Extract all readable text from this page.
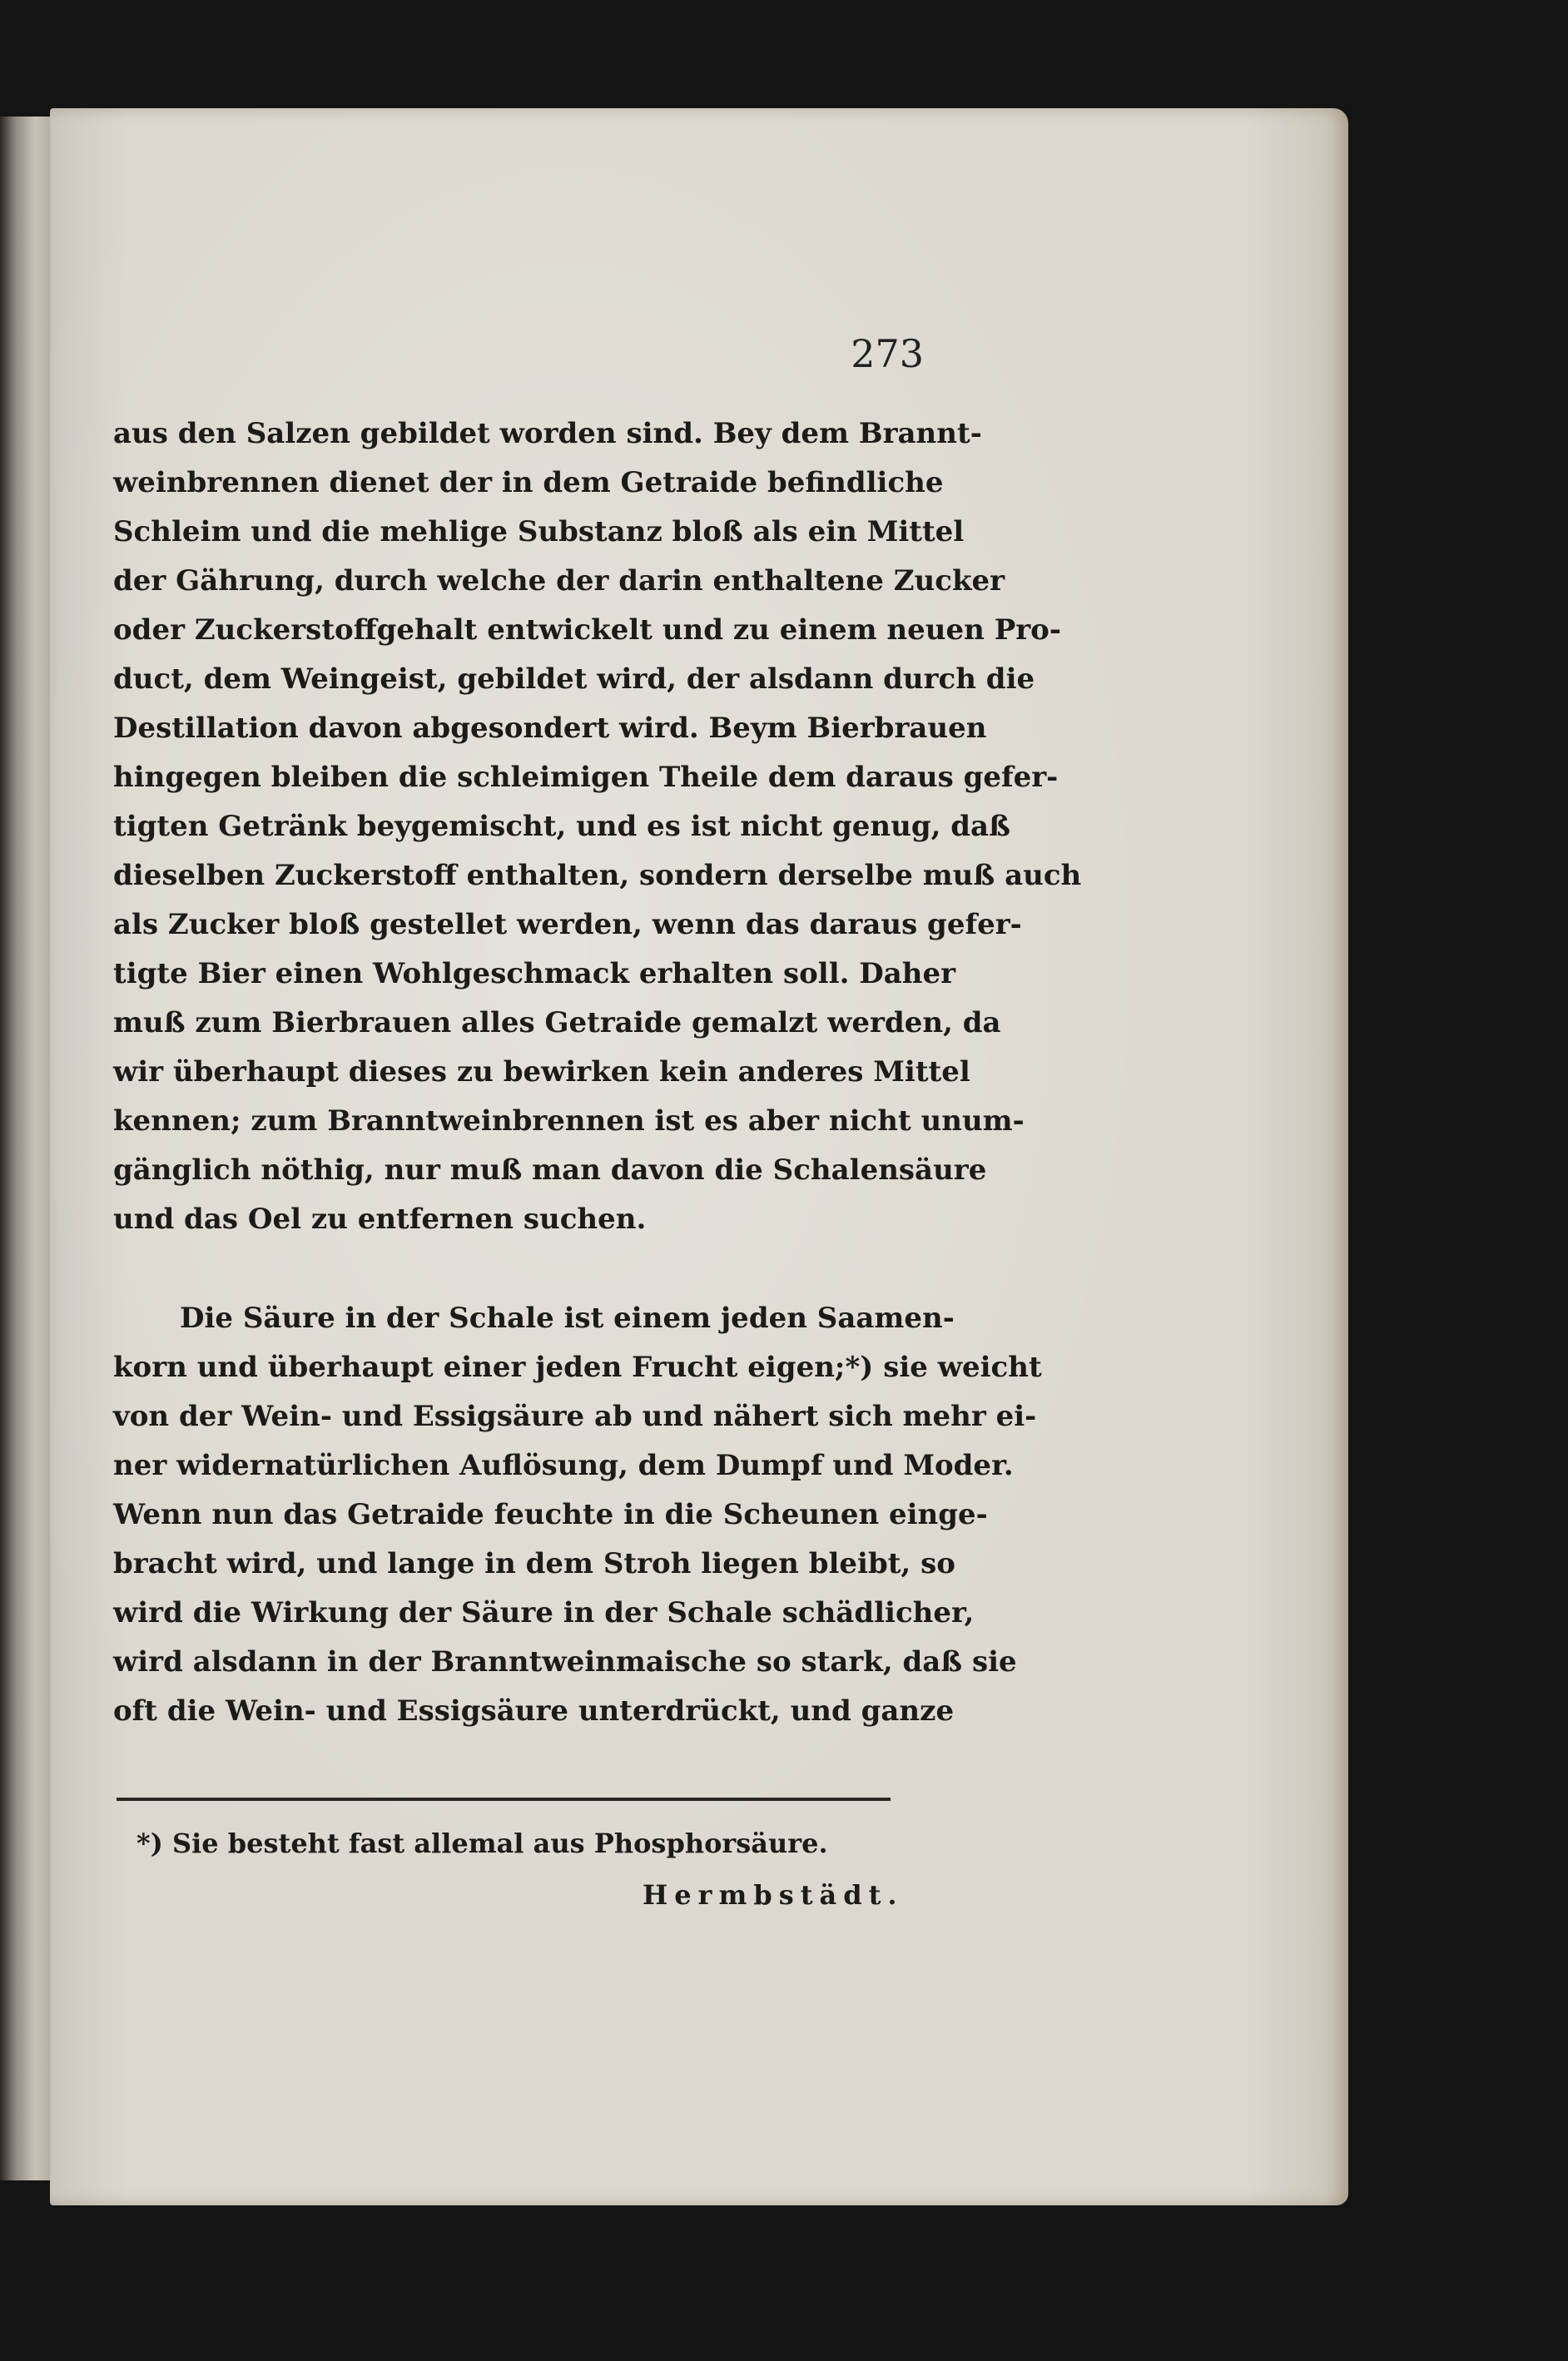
273
aus den Salzen gebildet worden sind. Bey dem Brannt-
weinbrennen dienet der in dem Getraide befindliche
Schleim und die mehlige Substanz bloß als ein Mittel
der Gährung, durch welche der darin enthaltene Zucker
oder Zuckerstoffgehalt entwickelt und zu einem neuen Pro-
duct, dem Weingeist, gebildet wird, der alsdann durch die
Destillation davon abgesondert wird. Beym Bierbrauen
hingegen bleiben die schleimigen Theile dem daraus gefer-
tigten Getränk beygemischt, und es ist nicht genug, daß
dieselben Zuckerstoff enthalten, sondern derselbe muß auch
als Zucker bloß gestellet werden, wenn das daraus gefer-
tigte Bier einen Wohlgeschmack erhalten soll. Daher
muß zum Bierbrauen alles Getraide gemalzt werden, da
wir überhaupt dieses zu bewirken kein anderes Mittel
kennen; zum Branntweinbrennen ist es aber nicht unum-
gänglich nöthig, nur muß man davon die Schalensäure
und das Oel zu entfernen suchen.
Die Säure in der Schale ist einem jeden Saamen-
korn und überhaupt einer jeden Frucht eigen;*) sie weicht
von der Wein- und Essigsäure ab und nähert sich mehr ei-
ner widernatürlichen Auflösung, dem Dumpf und Moder.
Wenn nun das Getraide feuchte in die Scheunen einge-
bracht wird, und lange in dem Stroh liegen bleibt, so
wird die Wirkung der Säure in der Schale schädlicher,
wird alsdann in der Branntweinmaische so stark, daß sie
oft die Wein- und Essigsäure unterdrückt, und ganze
*) Sie besteht fast allemal aus Phosphorsäure.
Hermbstädt.
